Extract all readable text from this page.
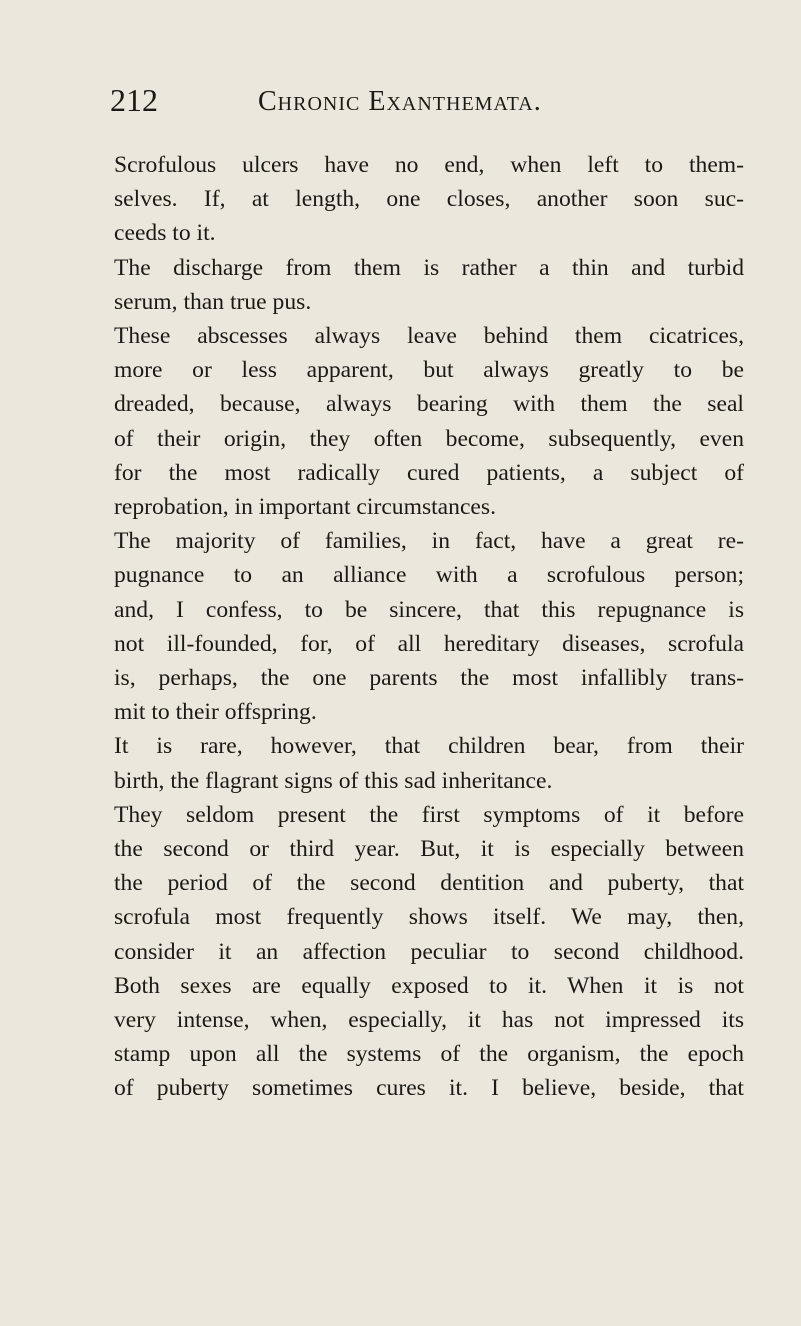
212	Chronic Exanthemata.
Scrofulous ulcers have no end, when left to them-
selves. If, at length, one closes, another soon suc-
ceeds to it.
The discharge from them is rather a thin and turbid
serum, than true pus.
These abscesses always leave behind them cicatrices,
more or less apparent, but always greatly to be
dreaded, because, always bearing with them the seal
of their origin, they often become, subsequently, even
for the most radically cured patients, a subject of
reprobation, in important circumstances.
The majority of families, in fact, have a great re-
pugnance to an alliance with a scrofulous person;
and, I confess, to be sincere, that this repugnance is
not ill-founded, for, of all hereditary diseases, scrofula
is, perhaps, the one parents the most infallibly trans-
mit to their offspring.
It is rare, however, that children bear, from their
birth, the flagrant signs of this sad inheritance.
They seldom present the first symptoms of it before
the second or third year. But, it is especially between
the period of the second dentition and puberty, that
scrofula most frequently shows itself. We may, then,
consider it an affection peculiar to second childhood.
Both sexes are equally exposed to it. When it is not
very intense, when, especially, it has not impressed its
stamp upon all the systems of the organism, the epoch
of puberty sometimes cures it. I believe, beside, that
